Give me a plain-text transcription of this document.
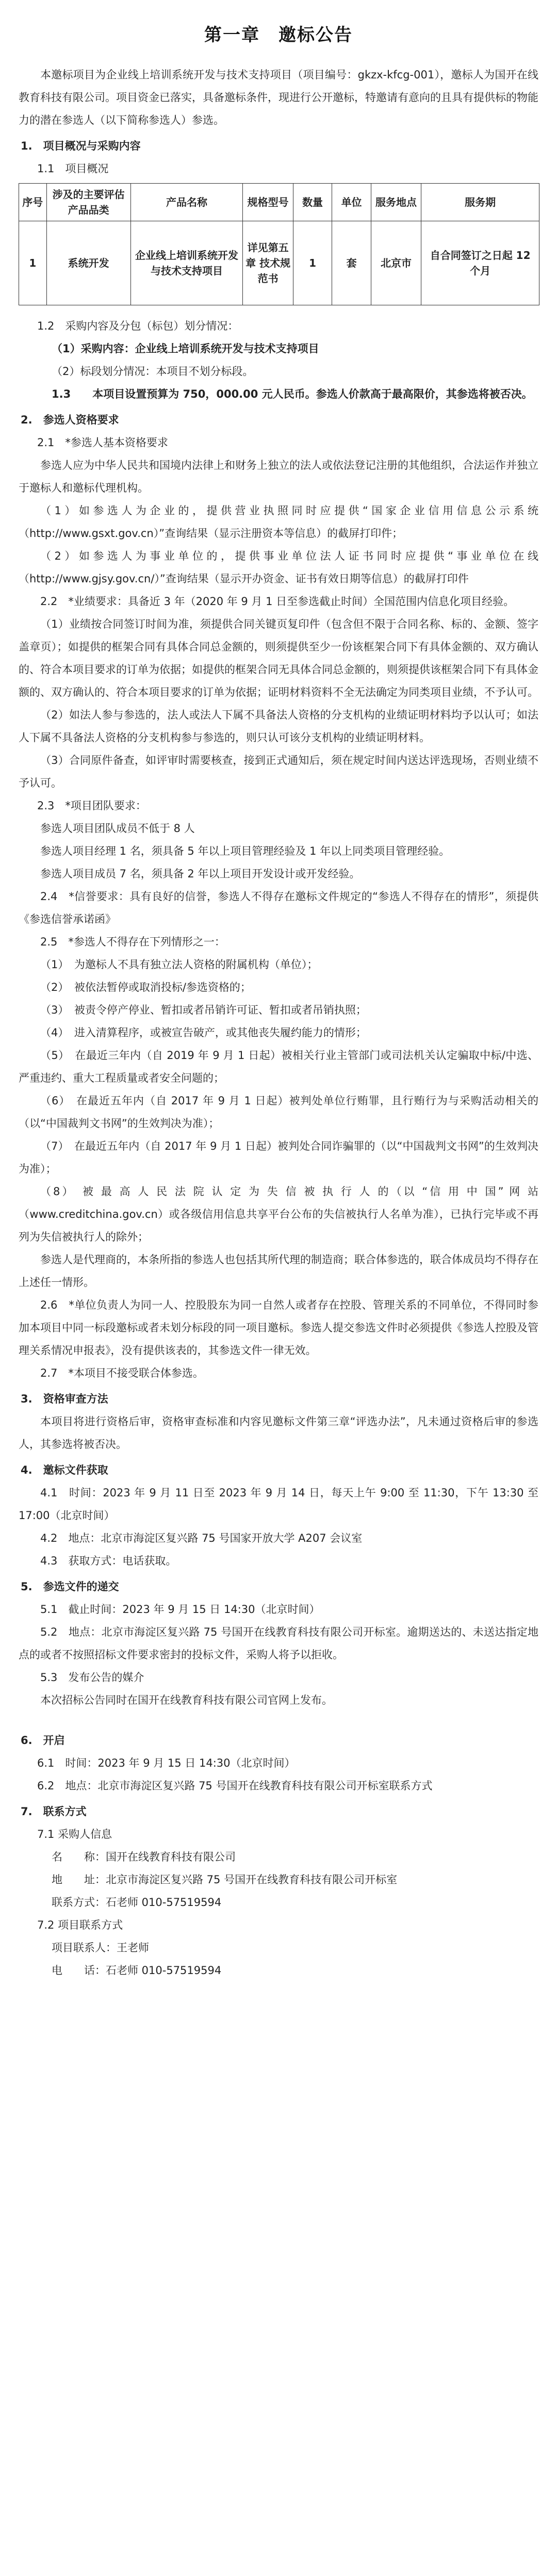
第一章　邀标公告

本邀标项目为企业线上培训系统开发与技术支持项目（项目编号：gkzx-kfcg-001），邀标人为国开在线教育科技有限公司。项目资金已落实，具备邀标条件，现进行公开邀标，特邀请有意向的且具有提供标的物能力的潜在参选人（以下简称参选人）参选。

1.　项目概况与采购内容

1.1　项目概况

序号	涉及的主要评估产品品类	产品名称	规格型号	数量	单位	服务地点	服务期
1	系统开发	企业线上培训系统开发与技术支持项目	详见第五章 技术规范书	1	套	北京市	自合同签订之日起 12 个月

1.2　采购内容及分包（标包）划分情况：

（1）采购内容：企业线上培训系统开发与技术支持项目

（2）标段划分情况：本项目不划分标段。

1.3　　本项目设置预算为 750，000.00 元人民币。参选人价款高于最高限价，其参选将被否决。

2.　参选人资格要求

2.1　*参选人基本资格要求

参选人应为中华人民共和国境内法律上和财务上独立的法人或依法登记注册的其他组织，合法运作并独立于邀标人和邀标代理机构。

（1）如参选人为企业的，提供营业执照同时应提供“国家企业信用信息公示系统（http://www.gsxt.gov.cn）”查询结果（显示注册资本等信息）的截屏打印件；

（2）如参选人为事业单位的，提供事业单位法人证书同时应提供“事业单位在线（http://www.gjsy.gov.cn/）”查询结果（显示开办资金、证书有效日期等信息）的截屏打印件

2.2　*业绩要求：具备近 3 年（2020 年 9 月 1 日至参选截止时间）全国范围内信息化项目经验。

（1）业绩按合同签订时间为准，须提供合同关键页复印件（包含但不限于合同名称、标的、金额、签字盖章页）；如提供的框架合同有具体合同总金额的，则须提供至少一份该框架合同下有具体金额的、双方确认的、符合本项目要求的订单为依据；如提供的框架合同无具体合同总金额的，则须提供该框架合同下有具体金额的、双方确认的、符合本项目要求的订单为依据；证明材料资料不全无法确定为同类项目业绩，不予认可。

（2）如法人参与参选的，法人或法人下属不具备法人资格的分支机构的业绩证明材料均予以认可；如法人下属不具备法人资格的分支机构参与参选的，则只认可该分支机构的业绩证明材料。

（3）合同原件备查，如评审时需要核查，接到正式通知后，须在规定时间内送达评选现场，否则业绩不予认可。

2.3　*项目团队要求：

参选人项目团队成员不低于 8 人

参选人项目经理 1 名，须具备 5 年以上项目管理经验及 1 年以上同类项目管理经验。

参选人项目成员 7 名，须具备 2 年以上项目开发设计或开发经验。

2.4　*信誉要求：具有良好的信誉，参选人不得存在邀标文件规定的“参选人不得存在的情形”，须提供《参选信誉承诺函》

2.5　*参选人不得存在下列情形之一：

（1）　为邀标人不具有独立法人资格的附属机构（单位）；

（2）　被依法暂停或取消投标/参选资格的；

（3）　被责令停产停业、暂扣或者吊销许可证、暂扣或者吊销执照；

（4）　进入清算程序，或被宣告破产，或其他丧失履约能力的情形；

（5）　在最近三年内（自 2019 年 9 月 1 日起）被相关行业主管部门或司法机关认定骗取中标/中选、严重违约、重大工程质量或者安全问题的；

（6）　在最近五年内（自 2017 年 9 月 1 日起）被判处单位行贿罪，且行贿行为与采购活动相关的（以“中国裁判文书网”的生效判决为准）；

（7）　在最近五年内（自 2017 年 9 月 1 日起）被判处合同诈骗罪的（以“中国裁判文书网”的生效判决为准）；

（8）　被 最 高 人 民 法 院 认 定 为 失 信 被 执 行 人 的（以 “信 用 中 国” 网 站（www.creditchina.gov.cn）或各级信用信息共享平台公布的失信被执行人名单为准），已执行完毕或不再列为失信被执行人的除外；

参选人是代理商的，本条所指的参选人也包括其所代理的制造商；联合体参选的，联合体成员均不得存在上述任一情形。

2.6　*单位负责人为同一人、控股股东为同一自然人或者存在控股、管理关系的不同单位，不得同时参加本项目中同一标段邀标或者未划分标段的同一项目邀标。参选人提交参选文件时必须提供《参选人控股及管理关系情况申报表》，没有提供该表的，其参选文件一律无效。

2.7　*本项目不接受联合体参选。

3.　资格审查方法

本项目将进行资格后审，资格审查标准和内容见邀标文件第三章“评选办法”，凡未通过资格后审的参选人，其参选将被否决。

4.　邀标文件获取

4.1　时间：2023 年 9 月 11 日至 2023 年 9 月 14 日，每天上午 9:00 至 11:30，下午 13:30 至 17:00（北京时间）

4.2　地点：北京市海淀区复兴路 75 号国家开放大学 A207 会议室

4.3　获取方式：电话获取。

5.　参选文件的递交

5.1　截止时间：2023 年 9 月 15 日 14:30（北京时间）

5.2　地点：北京市海淀区复兴路 75 号国开在线教育科技有限公司开标室。逾期送达的、未送达指定地点的或者不按照招标文件要求密封的投标文件，采购人将予以拒收。

5.3　发布公告的媒介

本次招标公告同时在国开在线教育科技有限公司官网上发布。

6.　开启

6.1　时间：2023 年 9 月 15 日 14:30（北京时间）

6.2　地点：北京市海淀区复兴路 75 号国开在线教育科技有限公司开标室联系方式

7.　联系方式

7.1 采购人信息

名　　称：国开在线教育科技有限公司

地　　址：北京市海淀区复兴路 75 号国开在线教育科技有限公司开标室

联系方式：石老师 010-57519594

7.2 项目联系方式

项目联系人：王老师

电　　话：石老师 010-57519594
